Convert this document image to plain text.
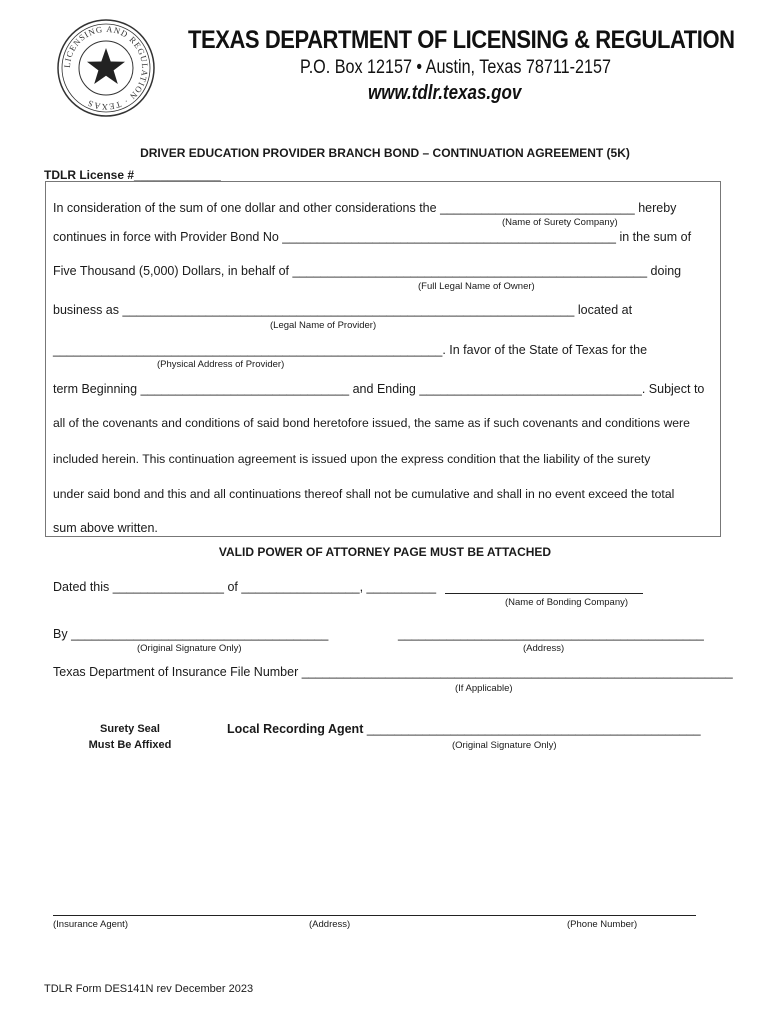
LICENSING AND REGULATION · TEXAS
TEXAS DEPARTMENT OF LICENSING & REGULATION
P.O. Box 12157 • Austin, Texas 78711-2157
www.tdlr.texas.gov
DRIVER EDUCATION PROVIDER BRANCH BOND – CONTINUATION AGREEMENT (5K)
TDLR License #_____________
In consideration of the sum of one dollar and other considerations the ____________________________ hereby
(Name of Surety Company)
continues in force with Provider Bond No ________________________________________________ in the sum of
Five Thousand (5,000) Dollars, in behalf of ___________________________________________________ doing
(Full Legal Name of Owner)
business as _________________________________________________________________ located at
(Legal Name of Provider)
________________________________________________________. In favor of the State of Texas for the
(Physical Address of Provider)
term Beginning ______________________________ and Ending ________________________________. Subject to
all of the covenants and conditions of said bond heretofore issued, the same as if such covenants and conditions were
included herein. This continuation agreement is issued upon the express condition that the liability of the surety
under said bond and this and all continuations thereof shall not be cumulative and shall in no event exceed the total
sum above written.
VALID POWER OF ATTORNEY PAGE MUST BE ATTACHED
Dated this ________________ of _________________, __________
(Name of Bonding Company)
By _____________________________________
(Original Signature Only)
____________________________________________
(Address)
Texas Department of Insurance File Number ______________________________________________________________
(If Applicable)
Surety Seal
Must Be Affixed
Local Recording Agent ________________________________________________
(Original Signature Only)
(Insurance Agent)	(Address)	(Phone Number)
TDLR Form DES141N rev December 2023
